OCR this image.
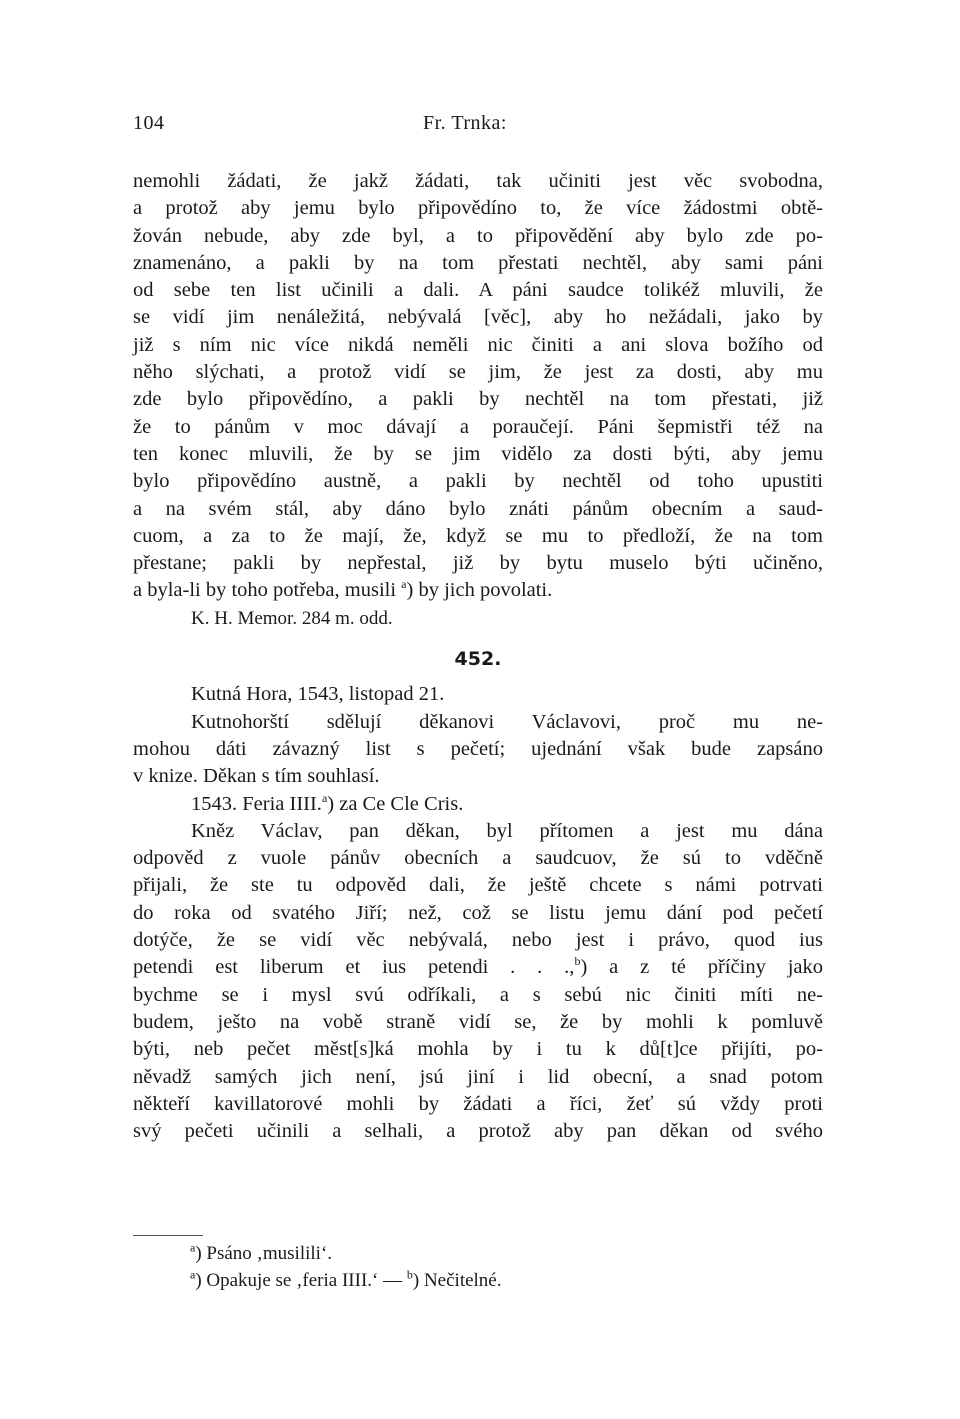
104	Fr. Trnka:
nemohli žádati, že jakž žádati, tak učiniti jest věc svobodna,
a protož aby jemu bylo připovědíno to, že více žádostmi obtě-
žován nebude, aby zde byl, a to připovědění aby bylo zde po-
znamenáno, a pakli by na tom přestati nechtěl, aby sami páni
od sebe ten list učinili a dali. A páni saudce tolikéž mluvili, že
se vidí jim nenáležitá, nebývalá [věc], aby ho nežádali, jako by
již s ním nic více nikdá neměli nic činiti a ani slova božího od
něho slýchati, a protož vidí se jim, že jest za dosti, aby mu
zde bylo připovědíno, a pakli by nechtěl na tom přestati, již
že to pánům v moc dávají a poraučejí. Páni šepmistři též na
ten konec mluvili, že by se jim vidělo za dosti býti, aby jemu
bylo připovědíno austně, a pakli by nechtěl od toho upustiti
a na svém stál, aby dáno bylo znáti pánům obecním a saud-
cuom, a za to že mají, že, když se mu to předloží, že na tom
přestane; pakli by nepřestal, již by bytu muselo býti učiněno,
a byla-li by toho potřeba, musili $^a$) by jich povolati.
K. H. Memor. 284 m. odd.
452.
Kutná Hora, 1543, listopad 21.
Kutnohorští sdělují děkanovi Václavovi, proč mu ne-
mohou dáti závazný list s pečetí; ujednání však bude zapsáno
v knize. Děkan s tím souhlasí.
1543. Feria IIII.$^a$) za Ce Cle Cris.
Kněz Václav, pan děkan, byl přítomen a jest mu dána
odpověd z vuole pánův obecních a saudcuov, že sú to vděčně
přijali, že ste tu odpověd dali, že ještě chcete s námi potrvati
do roka od svatého Jiří; než, což se listu jemu dání pod pečetí
dotýče, že se vidí věc nebývalá, nebo jest i právo, quod ius
petendi est liberum et ius petendi . . .,$^b$) a z té příčiny jako
bychme se i mysl svú odříkali, a s sebú nic činiti míti ne-
budem, ješto na vobě straně vidí se, že by mohli k pomluvě
býti, neb pečet měst[s]ká mohla by i tu k dů[t]ce přijíti, po-
něvadž samých jich není, jsú jiní i lid obecní, a snad potom
někteří kavillatorové mohli by žádati a říci, žeť sú vždy proti
svý pečeti učinili a selhali, a protož aby pan děkan od svého
$^a$) Psáno ‚musilili‘.
$^a$) Opakuje se ‚feria IIII.‘ — $^b$) Nečitelné.
